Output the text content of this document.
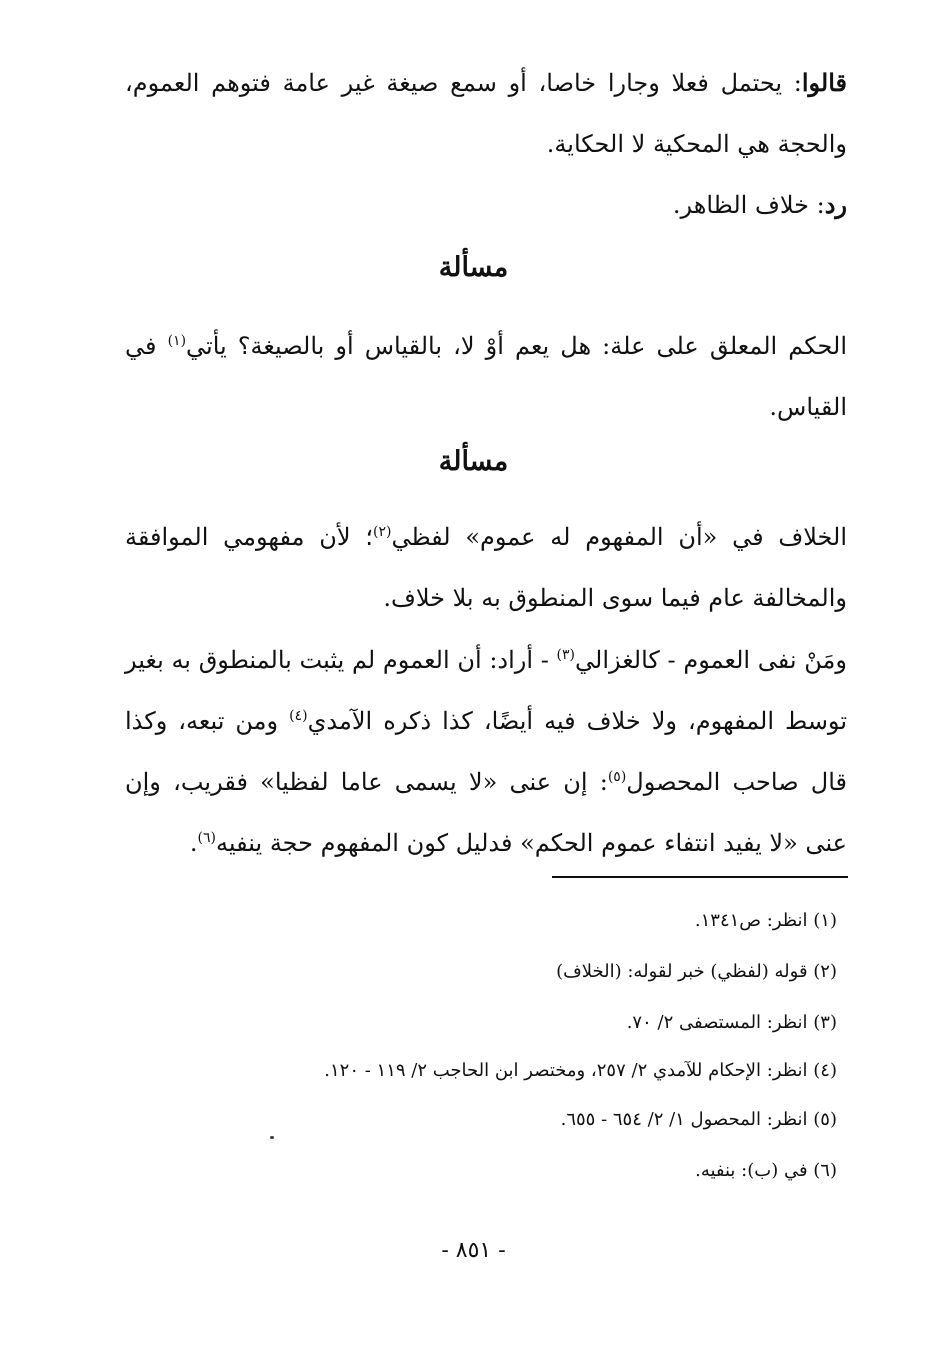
قالوا: يحتمل فعلا وجارا خاصا، أو سمع صيغة غير عامة فتوهم العموم، والحجة هي المحكية لا الحكاية.
رد: خلاف الظاهر.
مسألة
الحكم المعلق على علة: هل يعم أوْ لا، بالقياس أو بالصيغة؟ يأتي$^{(١)}$ في القياس.
مسألة
الخلاف في «أن المفهوم له عموم» لفظي$^{(٢)}$؛ لأن مفهومي الموافقة والمخالفة عام فيما سوى المنطوق به بلا خلاف.
ومَنْ نفى العموم - كالغزالي$^{(٣)}$ - أراد: أن العموم لم يثبت بالمنطوق به بغير توسط المفهوم، ولا خلاف فيه أيضًا، كذا ذكره الآمدي$^{(٤)}$ ومن تبعه، وكذا قال صاحب المحصول$^{(٥)}$: إن عنى «لا يسمى عاما لفظيا» فقريب، وإن عنى «لا يفيد انتفاء عموم الحكم» فدليل كون المفهوم حجة ينفيه$^{(٦)}$.
(١) انظر: ص١٣٤١.
(٢) قوله (لفظي) خبر لقوله: (الخلاف)
(٣) انظر: المستصفى ٢/ ٧٠.
(٤) انظر: الإحكام للآمدي ٢/ ٢٥٧، ومختصر ابن الحاجب ٢/ ١١٩ - ١٢٠.
(٥) انظر: المحصول ١/ ٢/ ٦٥٤ - ٦٥٥.
(٦) في (ب): بنفيه.
- ٨٥١ -
